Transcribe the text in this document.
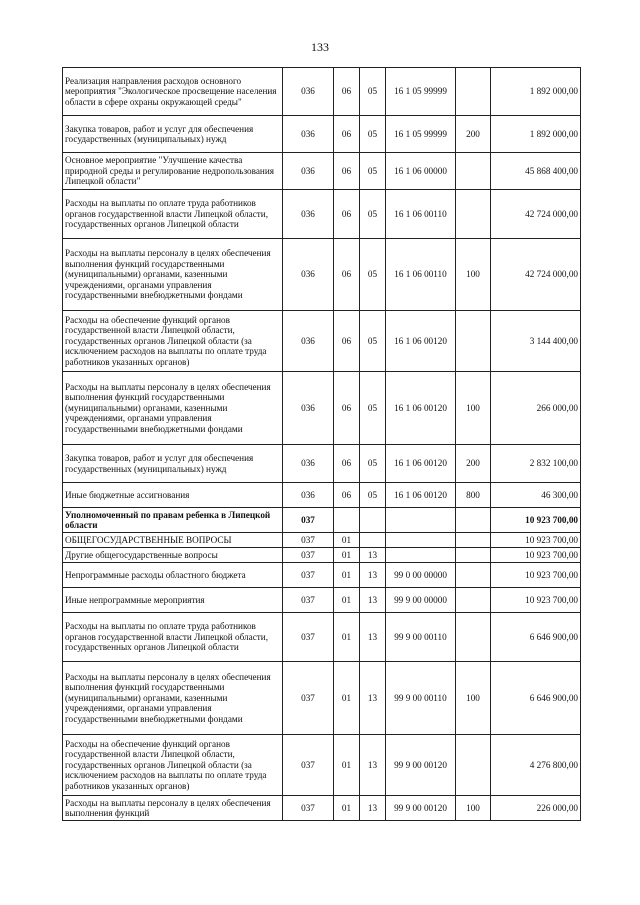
133
Реализация направления расходов основного мероприятия "Экологическое просвещение населения области в сфере охраны окружающей среды"	036	06	05	16 1 05 99999		1 892 000,00
Закупка товаров, работ и услуг для обеспечения государственных (муниципальных) нужд	036	06	05	16 1 05 99999	200	1 892 000,00
Основное мероприятие "Улучшение качества природной среды и регулирование недропользования Липецкой области"	036	06	05	16 1 06 00000		45 868 400,00
Расходы на выплаты по оплате труда работников органов государственной власти Липецкой области, государственных органов Липецкой области	036	06	05	16 1 06 00110		42 724 000,00
Расходы на выплаты персоналу в целях обеспечения выполнения функций государственными (муниципальными) органами, казенными учреждениями, органами управления государственными внебюджетными фондами	036	06	05	16 1 06 00110	100	42 724 000,00
Расходы на обеспечение функций органов государственной власти Липецкой области, государственных органов Липецкой области (за исключением расходов на выплаты по оплате труда работников указанных органов)	036	06	05	16 1 06 00120		3 144 400,00
Расходы на выплаты персоналу в целях обеспечения выполнения функций государственными (муниципальными) органами, казенными учреждениями, органами управления государственными внебюджетными фондами	036	06	05	16 1 06 00120	100	266 000,00
Закупка товаров, работ и услуг для обеспечения государственных (муниципальных) нужд	036	06	05	16 1 06 00120	200	2 832 100,00
Иные бюджетные ассигнования	036	06	05	16 1 06 00120	800	46 300,00
Уполномоченный по правам ребенка в Липецкой области	037					10 923 700,00
ОБЩЕГОСУДАРСТВЕННЫЕ ВОПРОСЫ	037	01				10 923 700,00
Другие общегосударственные вопросы	037	01	13			10 923 700,00
Непрограммные расходы областного бюджета	037	01	13	99 0 00 00000		10 923 700,00
Иные непрограммные мероприятия	037	01	13	99 9 00 00000		10 923 700,00
Расходы на выплаты по оплате труда работников органов государственной власти Липецкой области, государственных органов Липецкой области	037	01	13	99 9 00 00110		6 646 900,00
Расходы на выплаты персоналу в целях обеспечения выполнения функций государственными (муниципальными) органами, казенными учреждениями, органами управления государственными внебюджетными фондами	037	01	13	99 9 00 00110	100	6 646 900,00
Расходы на обеспечение функций органов государственной власти Липецкой области, государственных органов Липецкой области (за исключением расходов на выплаты по оплате труда работников указанных органов)	037	01	13	99 9 00 00120		4 276 800,00
Расходы на выплаты персоналу в целях обеспечения выполнения функций	037	01	13	99 9 00 00120	100	226 000,00
